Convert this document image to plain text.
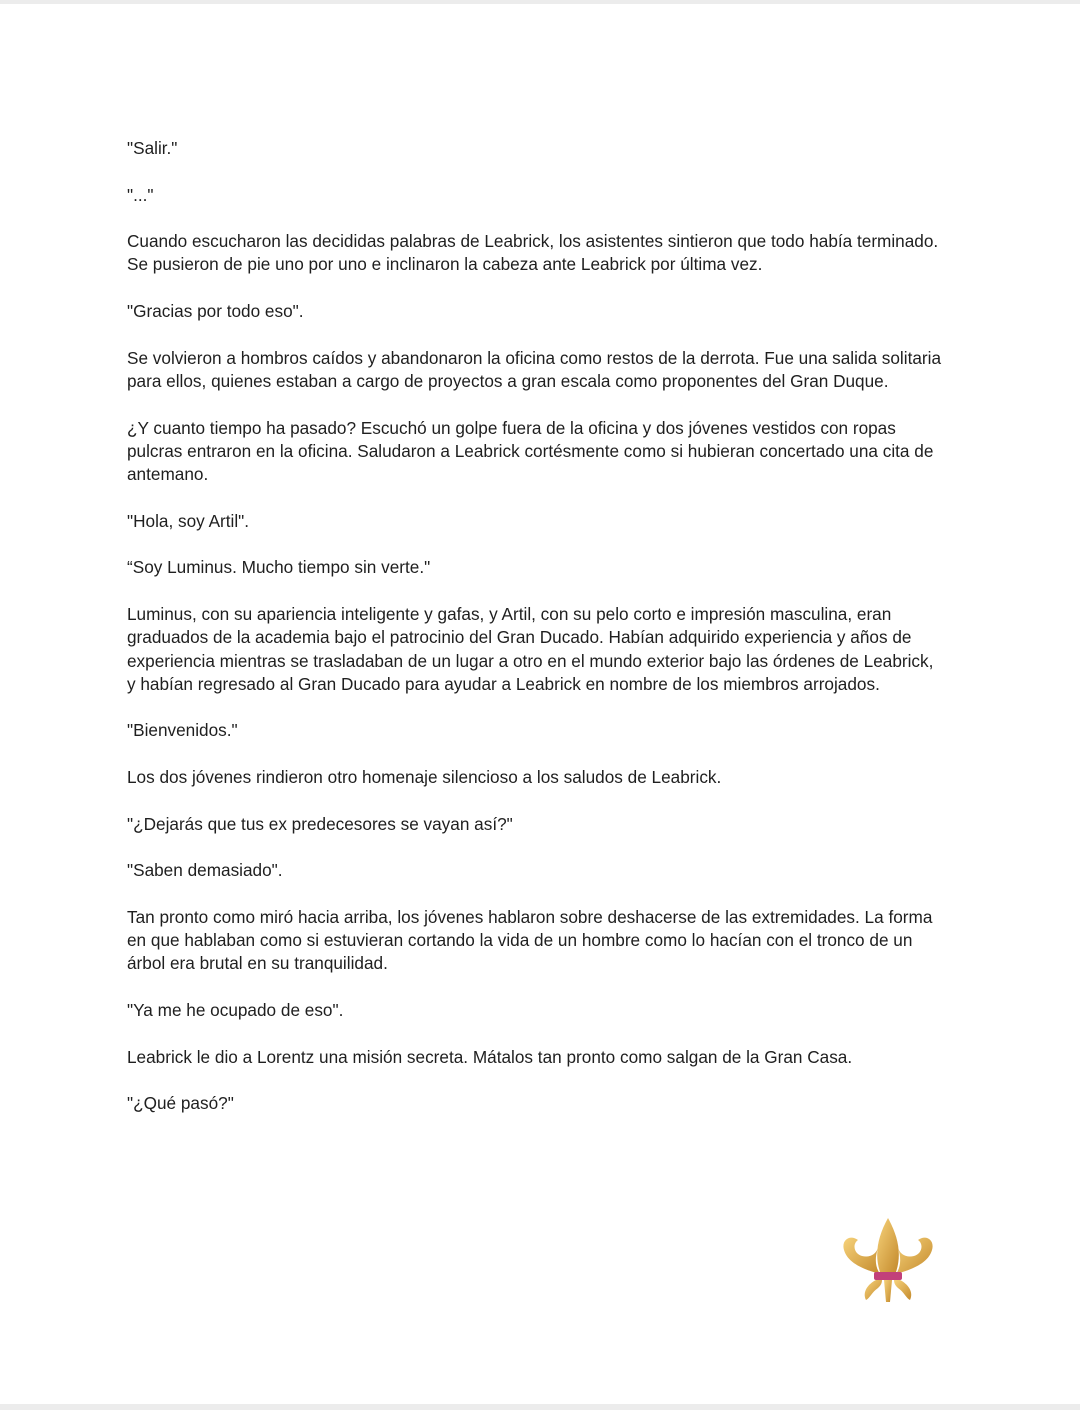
"Salir."

"..."

Cuando escucharon las decididas palabras de Leabrick, los asistentes sintieron que todo había terminado. Se pusieron de pie uno por uno e inclinaron la cabeza ante Leabrick por última vez.

"Gracias por todo eso".

Se volvieron a hombros caídos y abandonaron la oficina como restos de la derrota. Fue una salida solitaria para ellos, quienes estaban a cargo de proyectos a gran escala como proponentes del Gran Duque.

¿Y cuanto tiempo ha pasado? Escuchó un golpe fuera de la oficina y dos jóvenes vestidos con ropas pulcras entraron en la oficina. Saludaron a Leabrick cortésmente como si hubieran concertado una cita de antemano.

"Hola, soy Artil".

“Soy Luminus. Mucho tiempo sin verte."

Luminus, con su apariencia inteligente y gafas, y Artil, con su pelo corto e impresión masculina, eran graduados de la academia bajo el patrocinio del Gran Ducado. Habían adquirido experiencia y años de experiencia mientras se trasladaban de un lugar a otro en el mundo exterior bajo las órdenes de Leabrick, y habían regresado al Gran Ducado para ayudar a Leabrick en nombre de los miembros arrojados.

"Bienvenidos."

Los dos jóvenes rindieron otro homenaje silencioso a los saludos de Leabrick.

"¿Dejarás que tus ex predecesores se vayan así?"

"Saben demasiado".

Tan pronto como miró hacia arriba, los jóvenes hablaron sobre deshacerse de las extremidades. La forma en que hablaban como si estuvieran cortando la vida de un hombre como lo hacían con el tronco de un árbol era brutal en su tranquilidad.

"Ya me he ocupado de eso".

Leabrick le dio a Lorentz una misión secreta. Mátalos tan pronto como salgan de la Gran Casa.

"¿Qué pasó?"
